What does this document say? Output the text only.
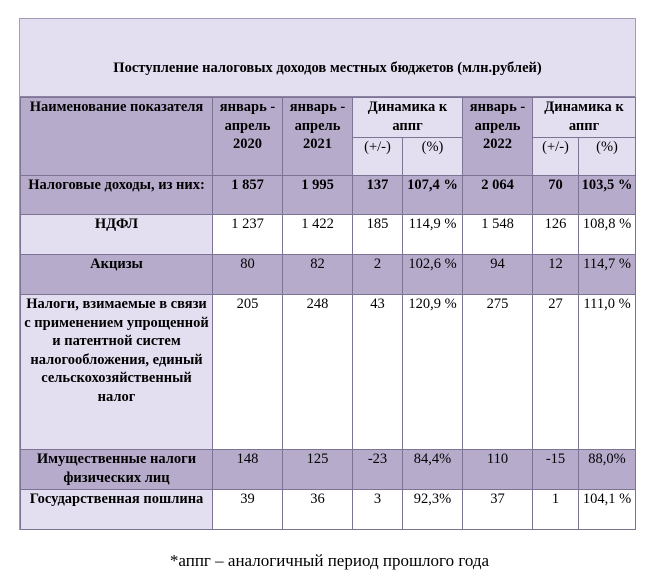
Поступление налоговых доходов местных бюджетов (млн.рублей)
Наименование показателя	январь - апрель 2020	январь - апрель 2021	Динамика к аппг		январь - апрель 2022	Динамика к аппг	
			(+/-)	(%)		(+/-)	(%)
Налоговые доходы, из них:	1 857	1 995	137	107,4 %	2 064	70	103,5 %
НДФЛ	1 237	1 422	185	114,9 %	1 548	126	108,8 %
Акцизы	80	82	2	102,6 %	94	12	114,7 %
Налоги, взимаемые в связи с применением упрощенной и патентной систем налогообложения, единый сельскохозяйственный налог	205	248	43	120,9 %	275	27	111,0 %
Имущественные налоги физических лиц	148	125	-23	84,4%	110	-15	88,0%
Государственная пошлина	39	36	3	92,3%	37	1	104,1 %
*аппг – аналогичный период прошлого года
